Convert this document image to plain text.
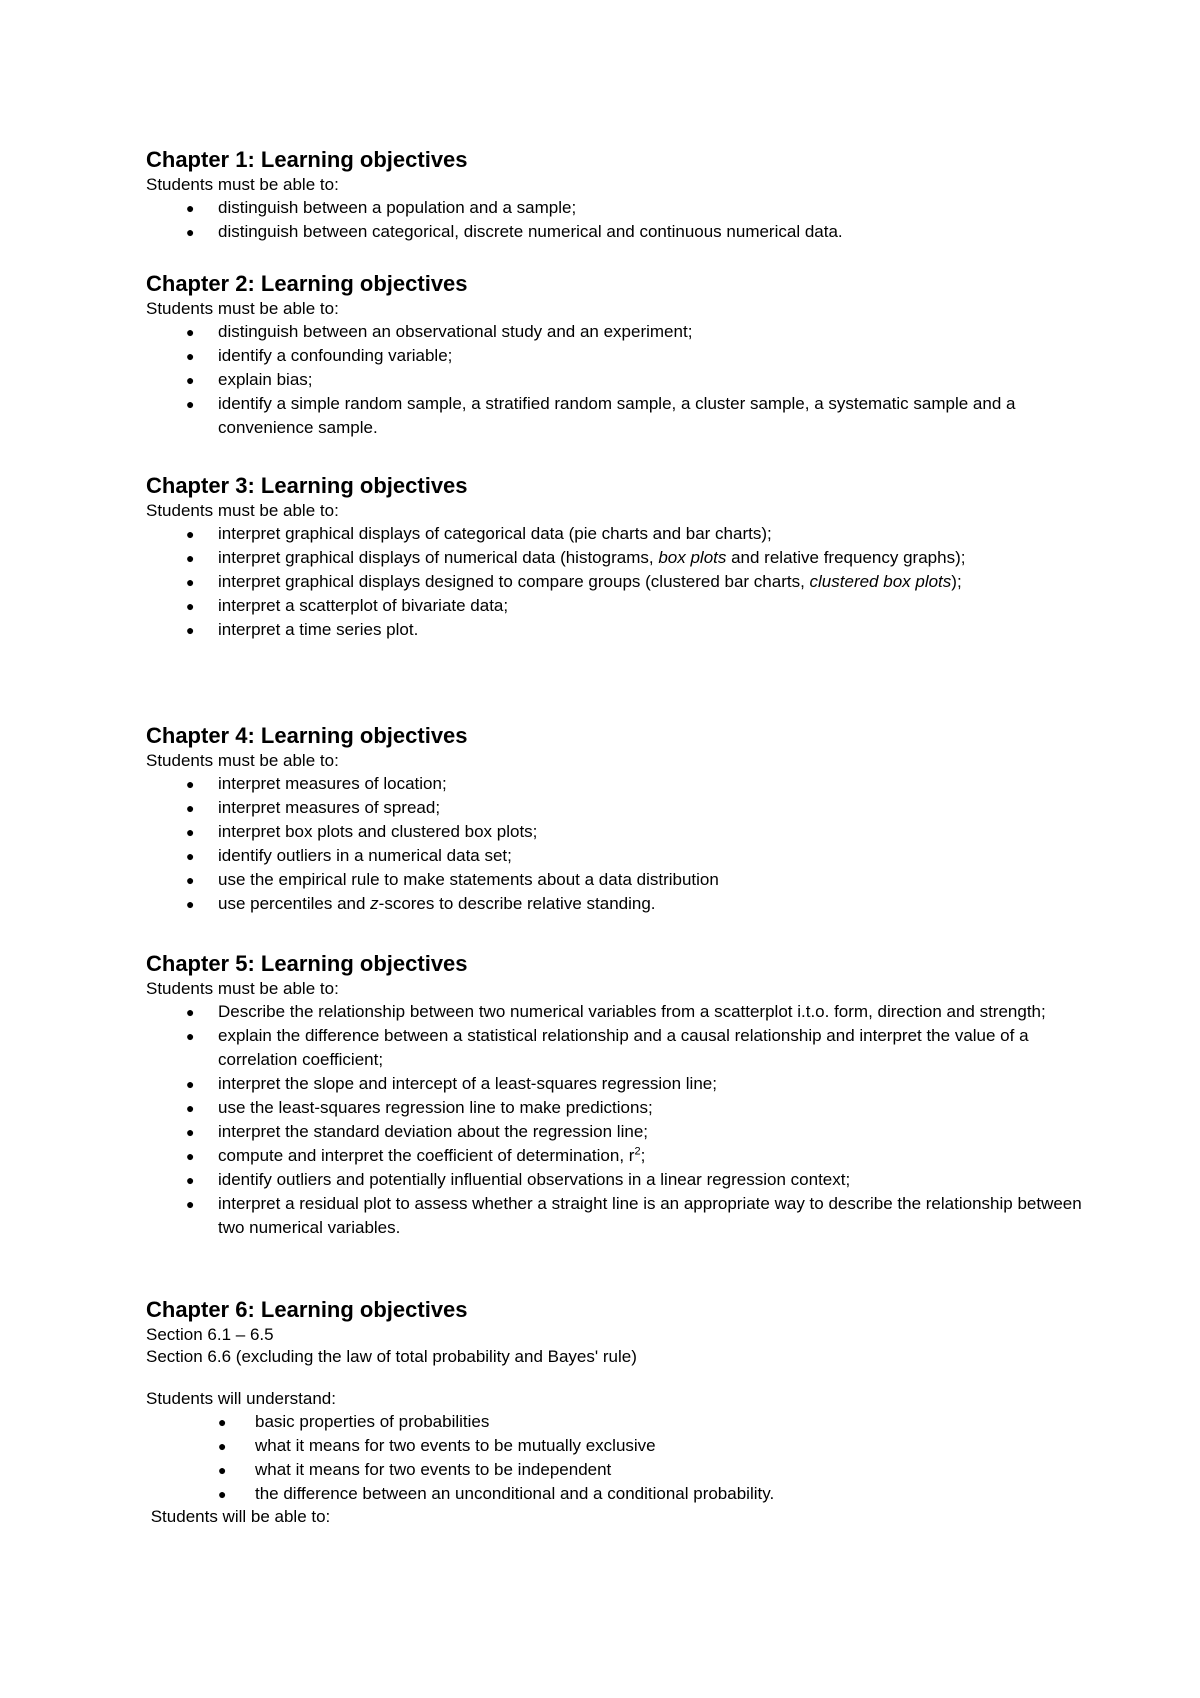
Chapter 1: Learning objectives

Students must be able to:

● distinguish between a population and a sample;
● distinguish between categorical, discrete numerical and continuous numerical data.
Chapter 2: Learning objectives

Students must be able to:

● distinguish between an observational study and an experiment;
● identify a confounding variable;
● explain bias;
● identify a simple random sample, a stratified random sample, a cluster sample, a systematic sample and a convenience sample.
Chapter 3: Learning objectives

Students must be able to:

● interpret graphical displays of categorical data (pie charts and bar charts);
● interpret graphical displays of numerical data (histograms, box plots and relative frequency graphs);
● interpret graphical displays designed to compare groups (clustered bar charts, clustered box plots);
● interpret a scatterplot of bivariate data;
● interpret a time series plot.
Chapter 4: Learning objectives

Students must be able to:

● interpret measures of location;
● interpret measures of spread;
● interpret box plots and clustered box plots;
● identify outliers in a numerical data set;
● use the empirical rule to make statements about a data distribution
● use percentiles and z-scores to describe relative standing.
Chapter 5: Learning objectives

Students must be able to:

● Describe the relationship between two numerical variables from a scatterplot i.t.o. form, direction and strength;
● explain the difference between a statistical relationship and a causal relationship and interpret the value of a correlation coefficient;
● interpret the slope and intercept of a least-squares regression line;
● use the least-squares regression line to make predictions;
● interpret the standard deviation about the regression line;
● compute and interpret the coefficient of determination, $r^2$;
● identify outliers and potentially influential observations in a linear regression context;
● interpret a residual plot to assess whether a straight line is an appropriate way to describe the relationship between two numerical variables.
Chapter 6: Learning objectives

Section 6.1 – 6.5

Section 6.6 (excluding the law of total probability and Bayes' rule)

Students will understand:

● basic properties of probabilities
● what it means for two events to be mutually exclusive
● what it means for two events to be independent
● the difference between an unconditional and a conditional probability.

Students will be able to:
